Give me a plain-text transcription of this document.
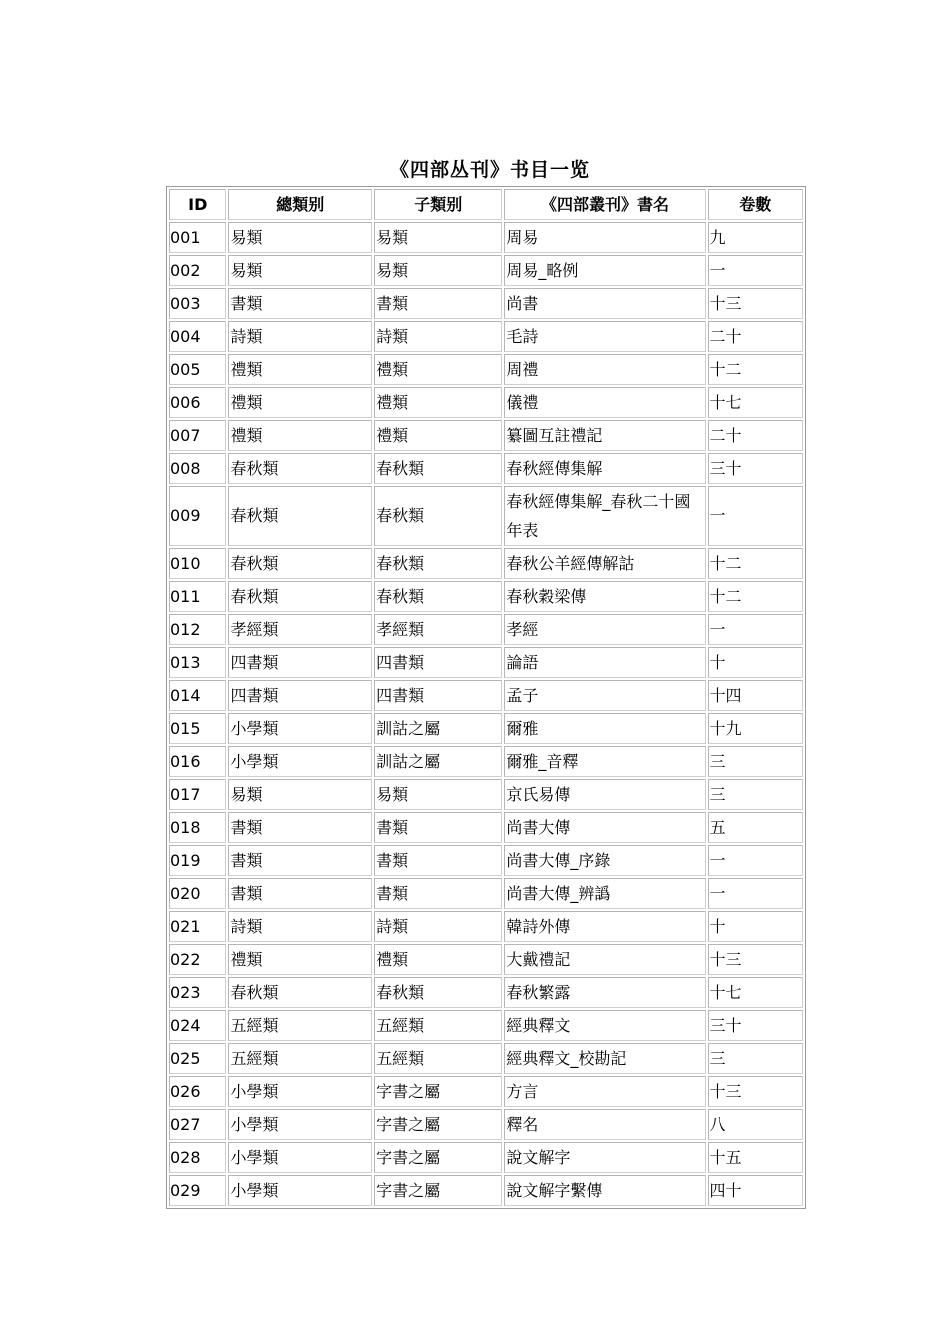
《四部丛刊》书目一览
ID	總類别	子類别	《四部叢刊》書名	卷數
001	易類	易類	周易	九
002	易類	易類	周易_略例	一
003	書類	書類	尚書	十三
004	詩類	詩類	毛詩	二十
005	禮類	禮類	周禮	十二
006	禮類	禮類	儀禮	十七
007	禮類	禮類	纂圖互註禮記	二十
008	春秋類	春秋類	春秋經傳集解	三十
009	春秋類	春秋類	春秋經傳集解_春秋二十國年表	一
010	春秋類	春秋類	春秋公羊經傳解詁	十二
011	春秋類	春秋類	春秋穀梁傳	十二
012	孝經類	孝經類	孝經	一
013	四書類	四書類	論語	十
014	四書類	四書類	孟子	十四
015	小學類	訓詁之屬	爾雅	十九
016	小學類	訓詁之屬	爾雅_音釋	三
017	易類	易類	京氏易傳	三
018	書類	書類	尚書大傳	五
019	書類	書類	尚書大傳_序錄	一
020	書類	書類	尚書大傳_辨譌	一
021	詩類	詩類	韓詩外傳	十
022	禮類	禮類	大戴禮記	十三
023	春秋類	春秋類	春秋繁露	十七
024	五經類	五經類	經典釋文	三十
025	五經類	五經類	經典釋文_校勘記	三
026	小學類	字書之屬	方言	十三
027	小學類	字書之屬	釋名	八
028	小學類	字書之屬	說文解字	十五
029	小學類	字書之屬	說文解字繫傳	四十
